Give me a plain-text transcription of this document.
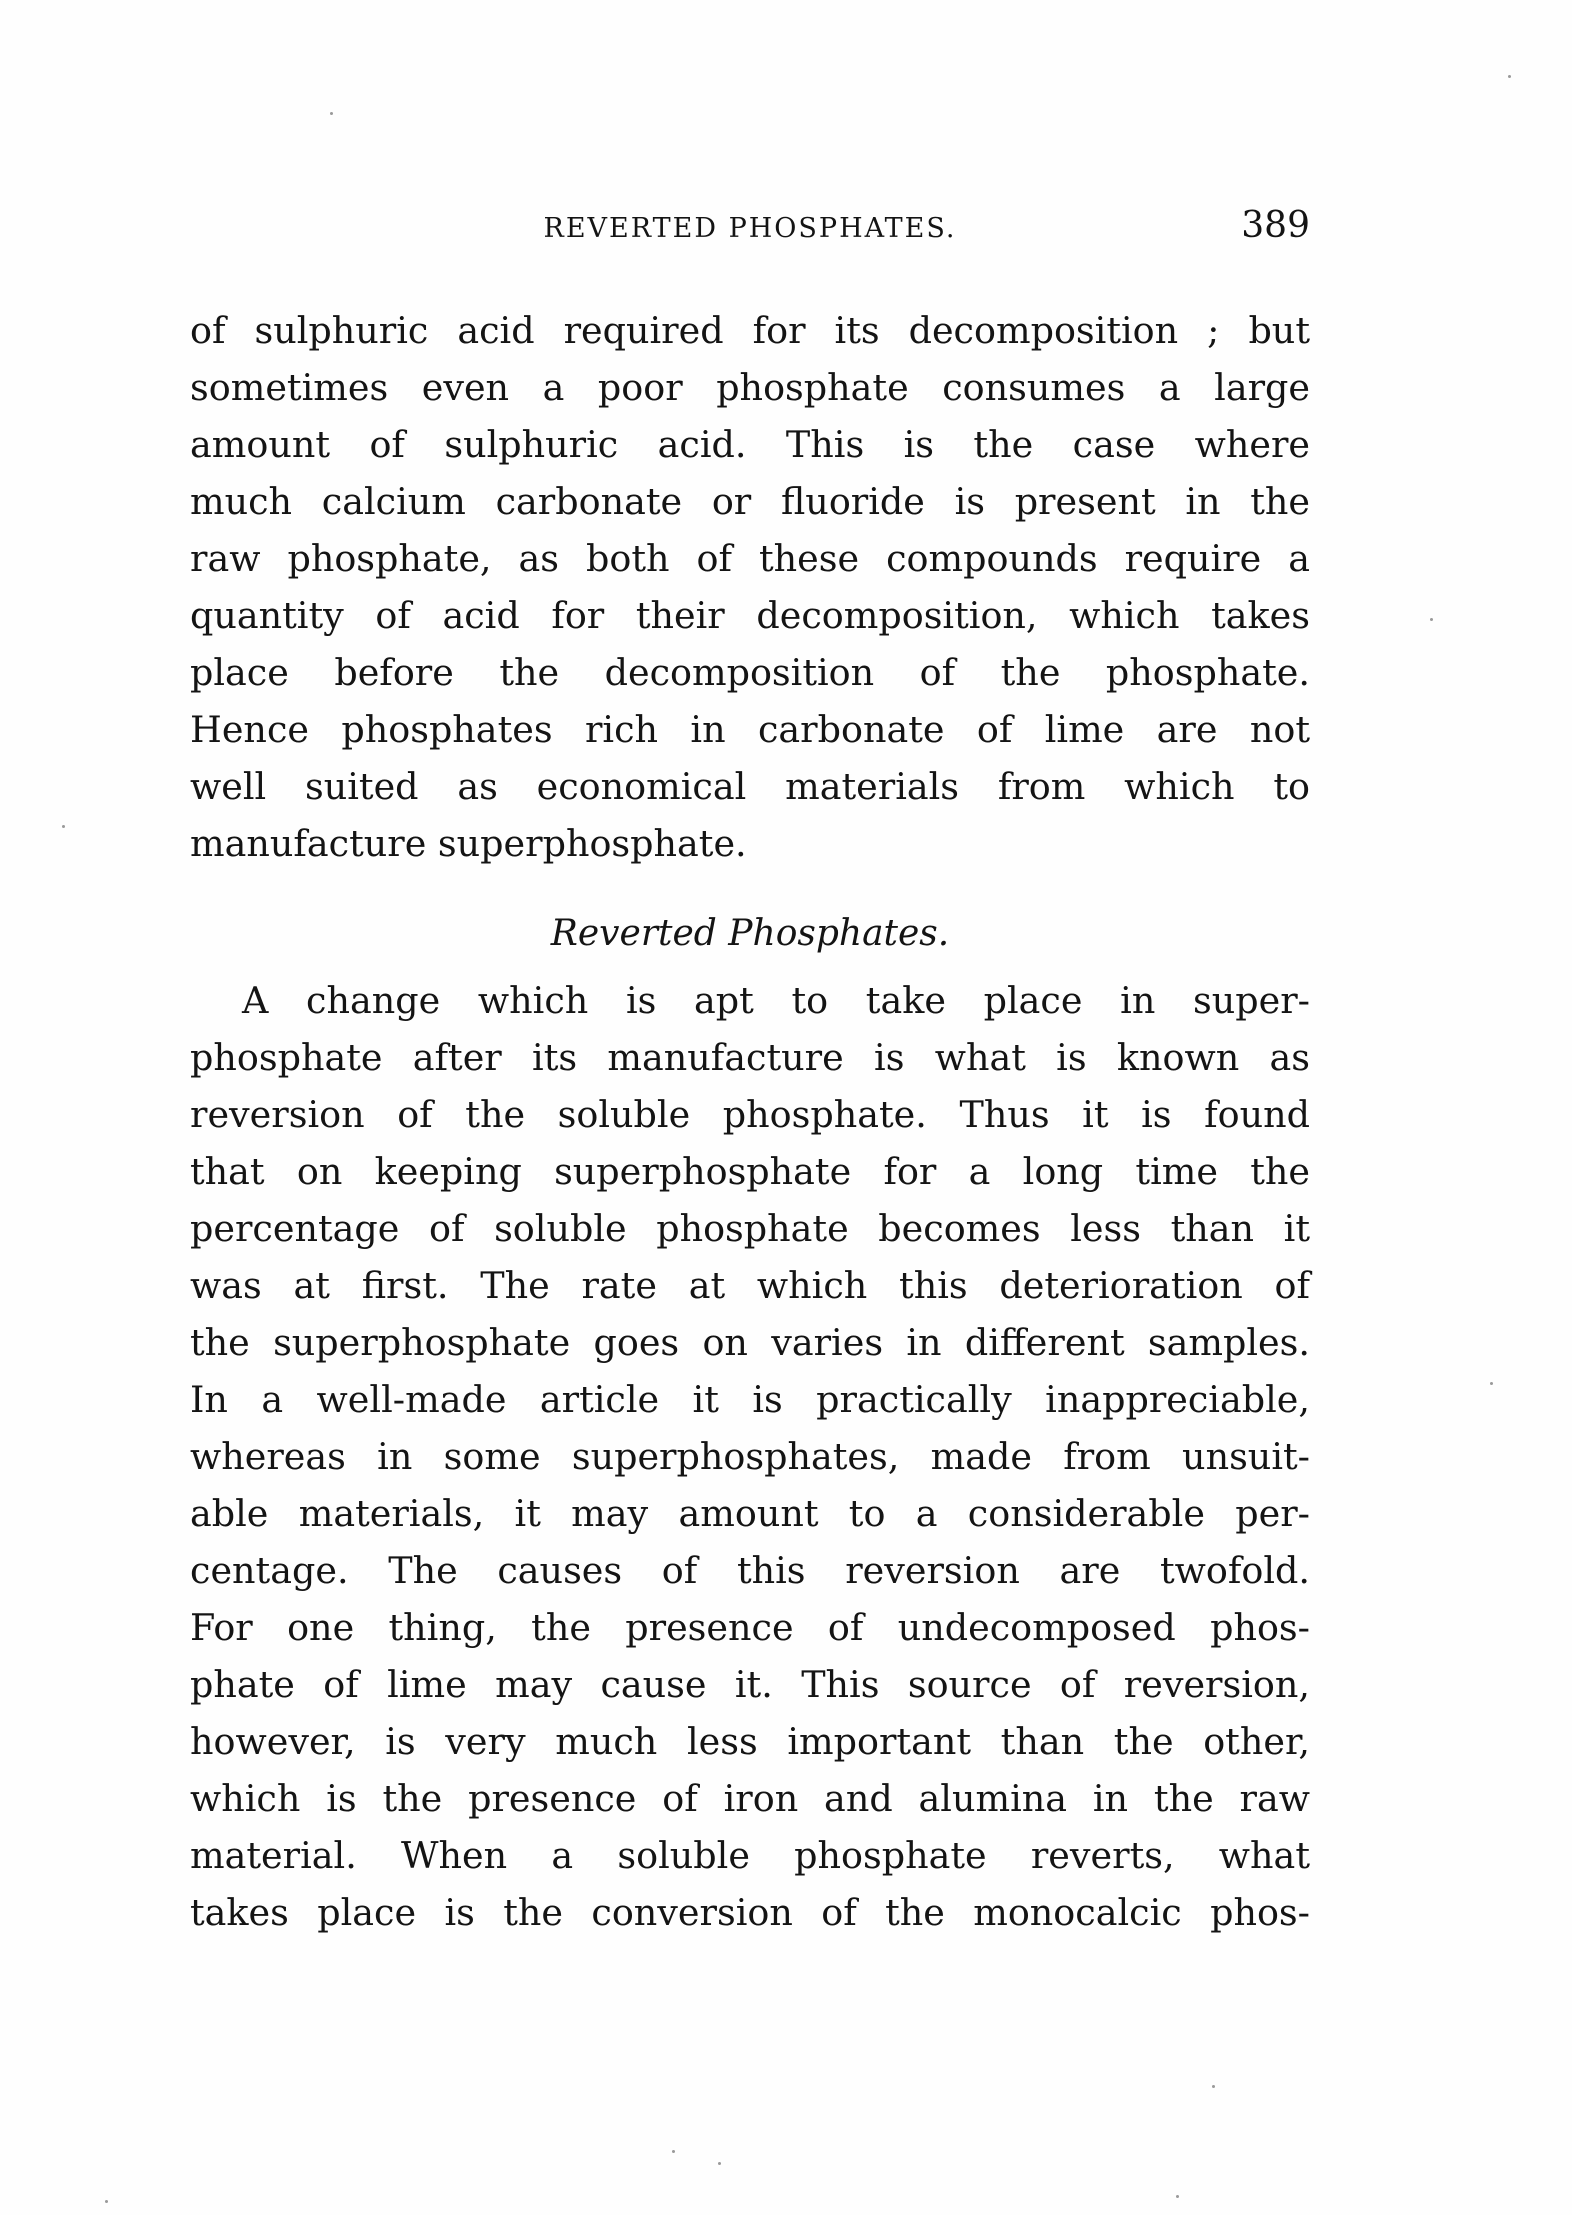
REVERTED PHOSPHATES.	389
of sulphuric acid required for its decomposition ; but
sometimes even a poor phosphate consumes a large
amount of sulphuric acid. This is the case where
much calcium carbonate or fluoride is present in the
raw phosphate, as both of these compounds require a
quantity of acid for their decomposition, which takes
place before the decomposition of the phosphate.
Hence phosphates rich in carbonate of lime are not
well suited as economical materials from which to
manufacture superphosphate.
Reverted Phosphates.
A change which is apt to take place in super-
phosphate after its manufacture is what is known as
reversion of the soluble phosphate. Thus it is found
that on keeping superphosphate for a long time the
percentage of soluble phosphate becomes less than it
was at first. The rate at which this deterioration of
the superphosphate goes on varies in different samples.
In a well-made article it is practically inappreciable,
whereas in some superphosphates, made from unsuit-
able materials, it may amount to a considerable per-
centage. The causes of this reversion are twofold.
For one thing, the presence of undecomposed phos-
phate of lime may cause it. This source of reversion,
however, is very much less important than the other,
which is the presence of iron and alumina in the raw
material. When a soluble phosphate reverts, what
takes place is the conversion of the monocalcic phos-
